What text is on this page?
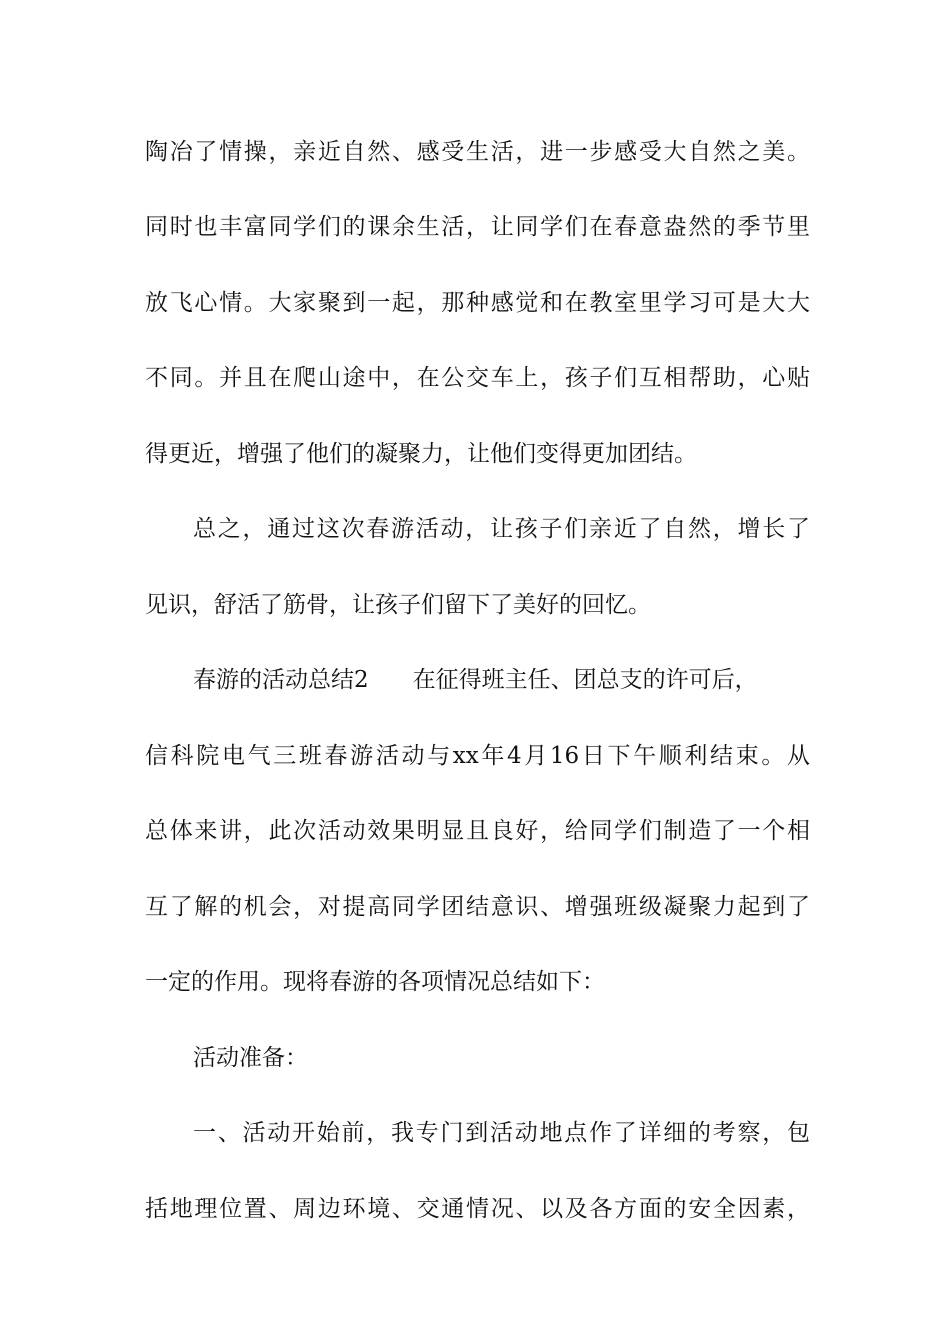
陶冶了情操，亲近自然、感受生活，进一步感受大自然之美。
同时也丰富同学们的课余生活，让同学们在春意盎然的季节里
放飞心情。大家聚到一起，那种感觉和在教室里学习可是大大
不同。并且在爬山途中，在公交车上，孩子们互相帮助，心贴
得更近，增强了他们的凝聚力，让他们变得更加团结。
总之，通过这次春游活动，让孩子们亲近了自然，增长了
见识，舒活了筋骨，让孩子们留下了美好的回忆。
春游的活动总结2 在征得班主任、团总支的许可后，
信科院电气三班春游活动与xx年4月16日下午顺利结束。从
总体来讲，此次活动效果明显且良好，给同学们制造了一个相
互了解的机会，对提高同学团结意识、增强班级凝聚力起到了
一定的作用。现将春游的各项情况总结如下：
活动准备：
一、活动开始前，我专门到活动地点作了详细的考察，包
括地理位置、周边环境、交通情况、以及各方面的安全因素，
